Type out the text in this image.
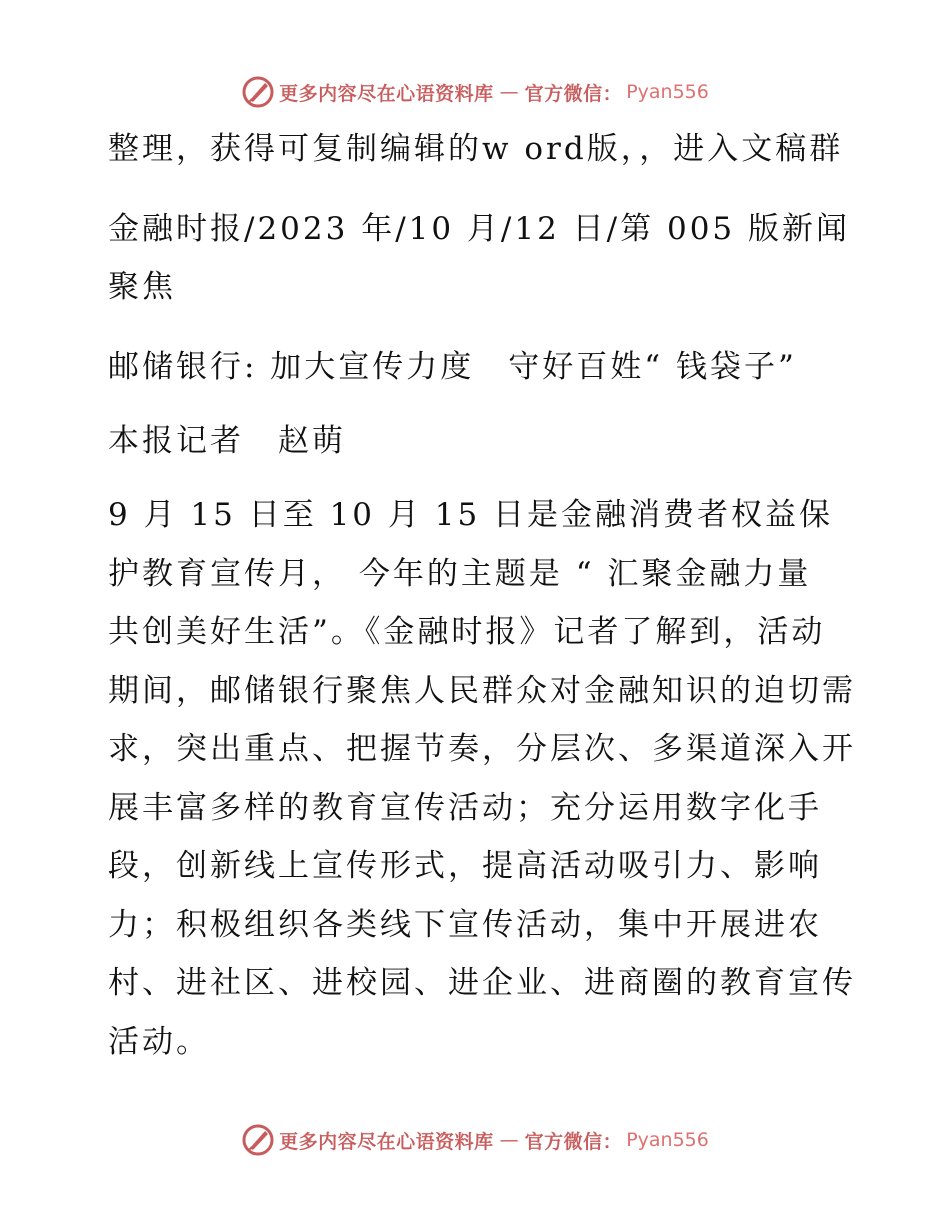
更多内容尽在心语资料库 — 官方微信： Pyan556

整理，获得可复制编辑的w ord版，，进入文稿群

金融时报/2023 年/10 月/12 日/第 005 版新闻聚焦

邮储银行: 加大宣传力度　守好百姓“ 钱袋子”

本报记者　赵萌

9 月 15 日至 10 月 15 日是金融消费者权益保护教育宣传月， 今年的主题是 “ 汇聚金融力量 共创美好生活”。《金融时报》记者了解到，活动期间，邮储银行聚焦人民群众对金融知识的迫切需求，突出重点、把握节奏，分层次、多渠道深入开展丰富多样的教育宣传活动；充分运用数字化手段，创新线上宣传形式，提高活动吸引力、影响力；积极组织各类线下宣传活动，集中开展进农村、进社区、进校园、进企业、进商圈的教育宣传活动。

更多内容尽在心语资料库 — 官方微信： Pyan556
